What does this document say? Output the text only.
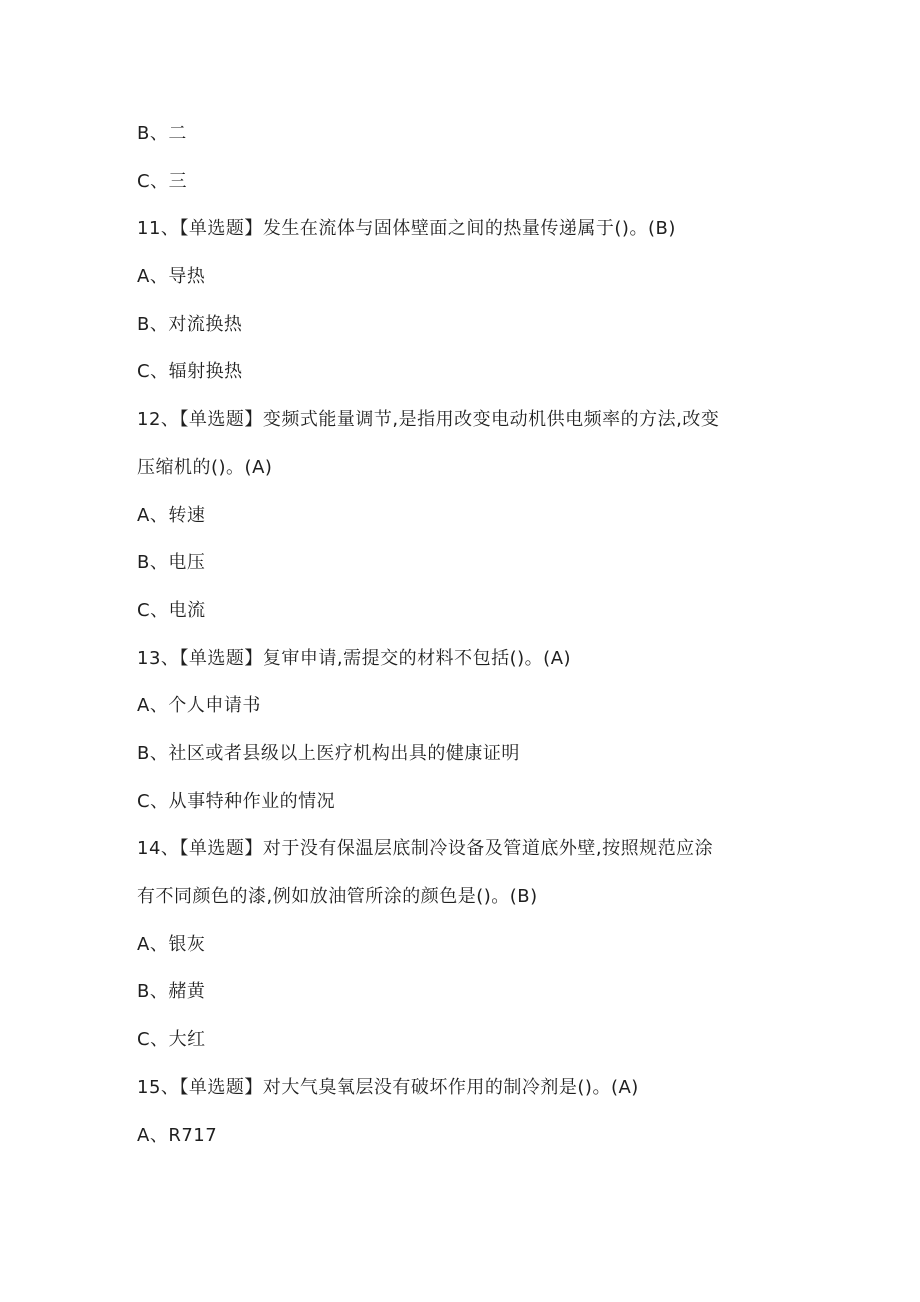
B、二
C、三
11、【单选题】发生在流体与固体壁面之间的热量传递属于()。(B)
A、导热
B、对流换热
C、辐射换热
12、【单选题】变频式能量调节,是指用改变电动机供电频率的方法,改变
压缩机的()。(A)
A、转速
B、电压
C、电流
13、【单选题】复审申请,需提交的材料不包括()。(A)
A、个人申请书
B、社区或者县级以上医疗机构出具的健康证明
C、从事特种作业的情况
14、【单选题】对于没有保温层底制冷设备及管道底外壁,按照规范应涂
有不同颜色的漆,例如放油管所涂的颜色是()。(B)
A、银灰
B、赭黄
C、大红
15、【单选题】对大气臭氧层没有破坏作用的制冷剂是()。(A)
A、R717
